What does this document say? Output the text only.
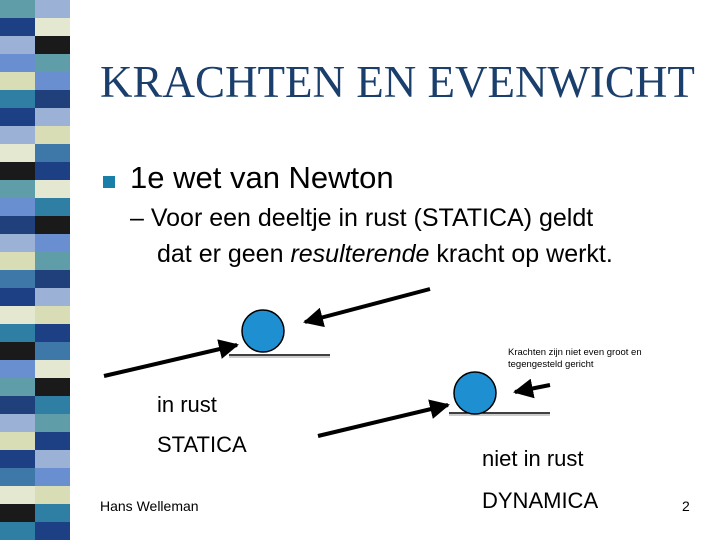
KRACHTEN EN EVENWICHT
1e wet van Newton
– Voor een deeltje in rust (STATICA) geldt
dat er geen resulterende kracht op werkt.
Krachten zijn niet even groot en
tegengesteld gericht
in rust
STATICA
niet in rust
DYNAMICA
Hans Welleman	2
